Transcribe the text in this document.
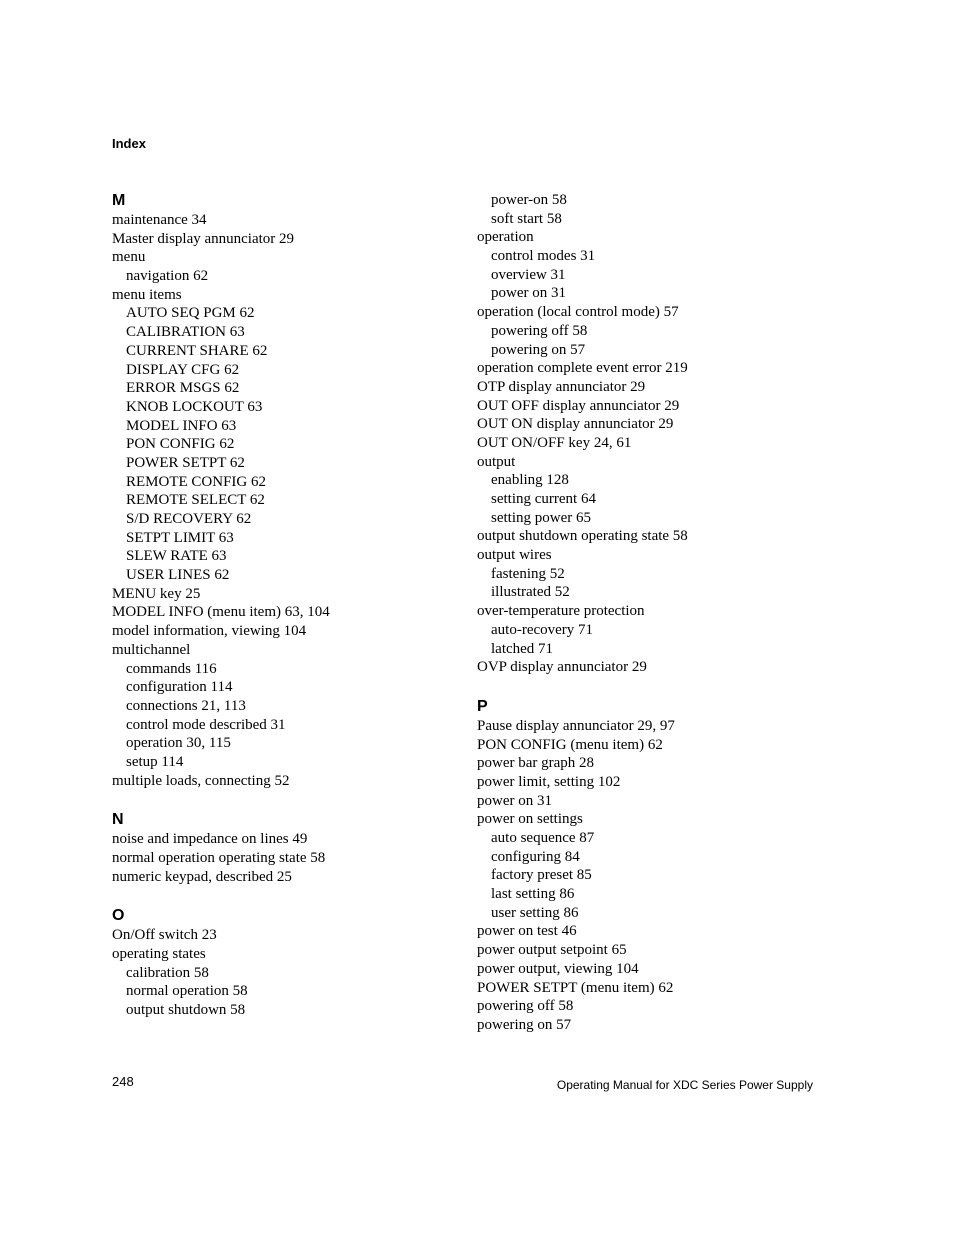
Index
M
maintenance 34
Master display annunciator 29
menu
navigation 62
menu items
AUTO SEQ PGM 62
CALIBRATION 63
CURRENT SHARE 62
DISPLAY CFG 62
ERROR MSGS 62
KNOB LOCKOUT 63
MODEL INFO 63
PON CONFIG 62
POWER SETPT 62
REMOTE CONFIG 62
REMOTE SELECT 62
S/D RECOVERY 62
SETPT LIMIT 63
SLEW RATE 63
USER LINES 62
MENU key 25
MODEL INFO (menu item) 63, 104
model information, viewing 104
multichannel
commands 116
configuration 114
connections 21, 113
control mode described 31
operation 30, 115
setup 114
multiple loads, connecting 52
N
noise and impedance on lines 49
normal operation operating state 58
numeric keypad, described 25
O
On/Off switch 23
operating states
calibration 58
normal operation 58
output shutdown 58
power-on 58
soft start 58
operation
control modes 31
overview 31
power on 31
operation (local control mode) 57
powering off 58
powering on 57
operation complete event error 219
OTP display annunciator 29
OUT OFF display annunciator 29
OUT ON display annunciator 29
OUT ON/OFF key 24, 61
output
enabling 128
setting current 64
setting power 65
output shutdown operating state 58
output wires
fastening 52
illustrated 52
over-temperature protection
auto-recovery 71
latched 71
OVP display annunciator 29
P
Pause display annunciator 29, 97
PON CONFIG (menu item) 62
power bar graph 28
power limit, setting 102
power on 31
power on settings
auto sequence 87
configuring 84
factory preset 85
last setting 86
user setting 86
power on test 46
power output setpoint 65
power output, viewing 104
POWER SETPT (menu item) 62
powering off 58
powering on 57
248	Operating Manual for XDC Series Power Supply
